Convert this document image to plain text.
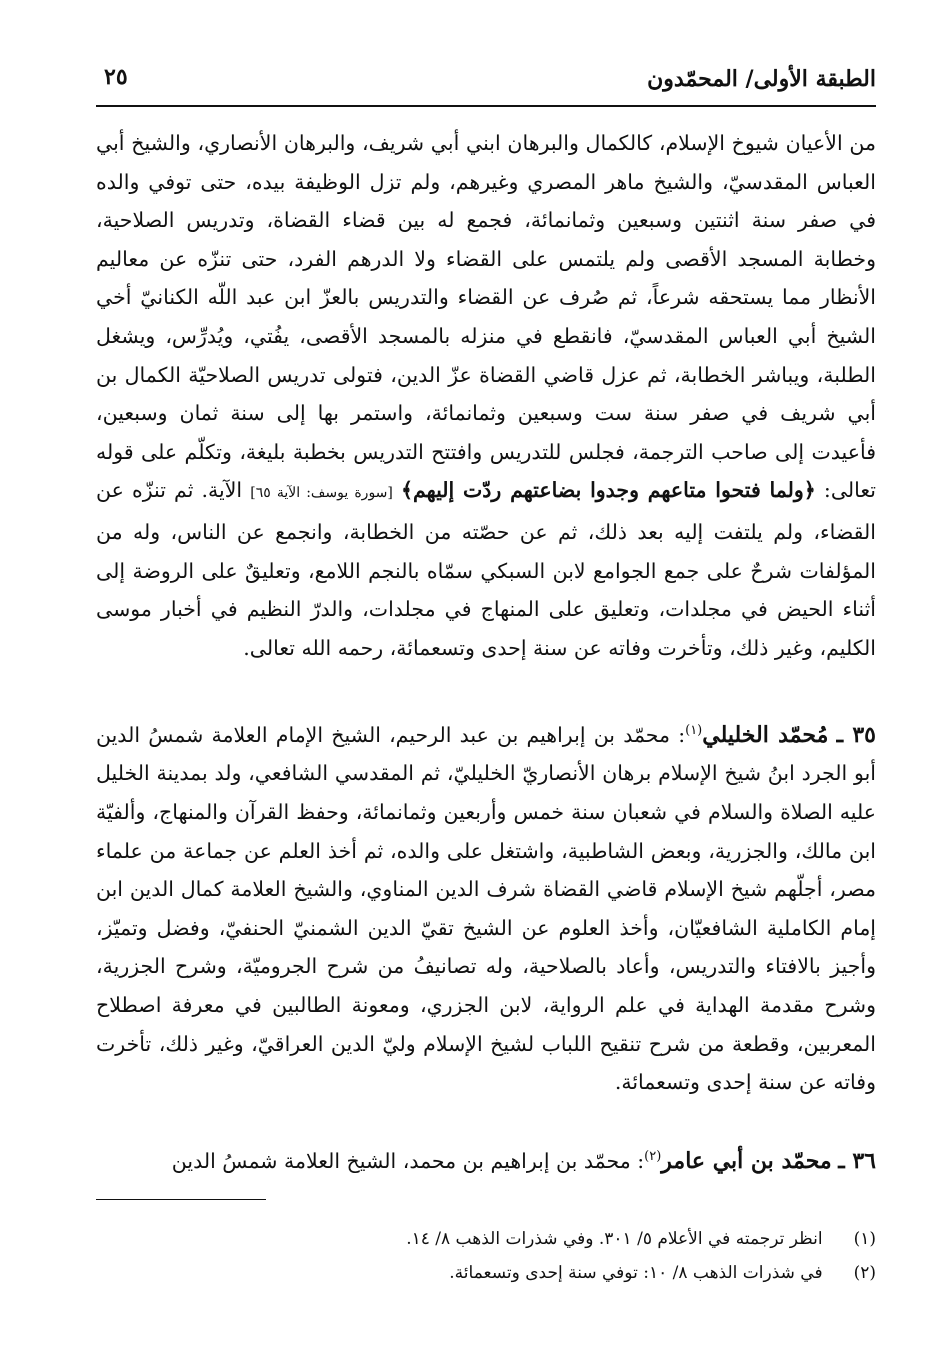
الطبقة الأولى/ المحمّدون
٢٥

من الأعيان شيوخ الإسلام، كالكمال والبرهان ابني أبي شريف، والبرهان الأنصاري، والشيخ أبي العباس المقدسيّ، والشيخ ماهر المصري وغيرهم، ولم تزل الوظيفة بيده، حتى توفي والده في صفر سنة اثنتين وسبعين وثمانمائة، فجمع له بين قضاء القضاة، وتدريس الصلاحية، وخطابة المسجد الأقصى ولم يلتمس على القضاء ولا الدرهم الفرد، حتى تنزّه عن معاليم الأنظار مما يستحقه شرعاً، ثم صُرف عن القضاء والتدريس بالعزّ ابن عبد اللّه الكنانيّ أخي الشيخ أبي العباس المقدسيّ، فانقطع في منزله بالمسجد الأقصى، يفُتي، ويُدرِّس، ويشغل الطلبة، ويباشر الخطابة، ثم عزل قاضي القضاة عزّ الدين، فتولى تدريس الصلاحيّة الكمال بن أبي شريف في صفر سنة ست وسبعين وثمانمائة، واستمر بها إلى سنة ثمان وسبعين، فأعيدت إلى صاحب الترجمة، فجلس للتدريس وافتتح التدريس بخطبة بليغة، وتكلّم على قوله تعالى: ﴿ولما فتحوا متاعهم وجدوا بضاعتهم ردّت إليهم﴾ [سورة يوسف: الآية ٦٥] الآية. ثم تنزّه عن القضاء، ولم يلتفت إليه بعد ذلك، ثم عن حصّته من الخطابة، وانجمع عن الناس، وله من المؤلفات شرحٌ على جمع الجوامع لابن السبكي سمّاه بالنجم اللامع، وتعليقٌ على الروضة إلى أثناء الحيض في مجلدات، وتعليق على المنهاج في مجلدات، والدرّ النظيم في أخبار موسى الكليم، وغير ذلك، وتأخرت وفاته عن سنة إحدى وتسعمائة، رحمه الله تعالى.

٣٥ ـ مُحمّد الخليلي$^{(١)}$: محمّد بن إبراهيم بن عبد الرحيم، الشيخ الإمام العلامة شمسُ الدين أبو الجرد ابنُ شيخ الإسلام برهان الأنصاريّ الخليليّ، ثم المقدسي الشافعي، ولد بمدينة الخليل عليه الصلاة والسلام في شعبان سنة خمس وأربعين وثمانمائة، وحفظ القرآن والمنهاج، وألفيّة ابن مالك، والجزرية، وبعض الشاطبية، واشتغل على والده، ثم أخذ العلم عن جماعة من علماء مصر، أجلّهم شيخ الإسلام قاضي القضاة شرف الدين المناوي، والشيخ العلامة كمال الدين ابن إمام الكاملية الشافعيّان، وأخذ العلوم عن الشيخ تقيّ الدين الشمنيّ الحنفيّ، وفضل وتميّز، وأجيز بالافتاء والتدريس، وأعاد بالصلاحية، وله تصانيفُ من شرح الجروميّة، وشرح الجزرية، وشرح مقدمة الهداية في علم الرواية، لابن الجزري، ومعونة الطالبين في معرفة اصطلاح المعربين، وقطعة من شرح تنقيح اللباب لشيخ الإسلام وليّ الدين العراقيّ، وغير ذلك، تأخرت وفاته عن سنة إحدى وتسعمائة.

٣٦ ـ محمّد بن أبي عامر$^{(٢)}$: محمّد بن إبراهيم بن محمد، الشيخ العلامة شمسُ الدين

(١) انظر ترجمته في الأعلام ٥/ ٣٠١. وفي شذرات الذهب ٨/ ١٤.

(٢) في شذرات الذهب ٨/ ١٠: توفي سنة إحدى وتسعمائة.
